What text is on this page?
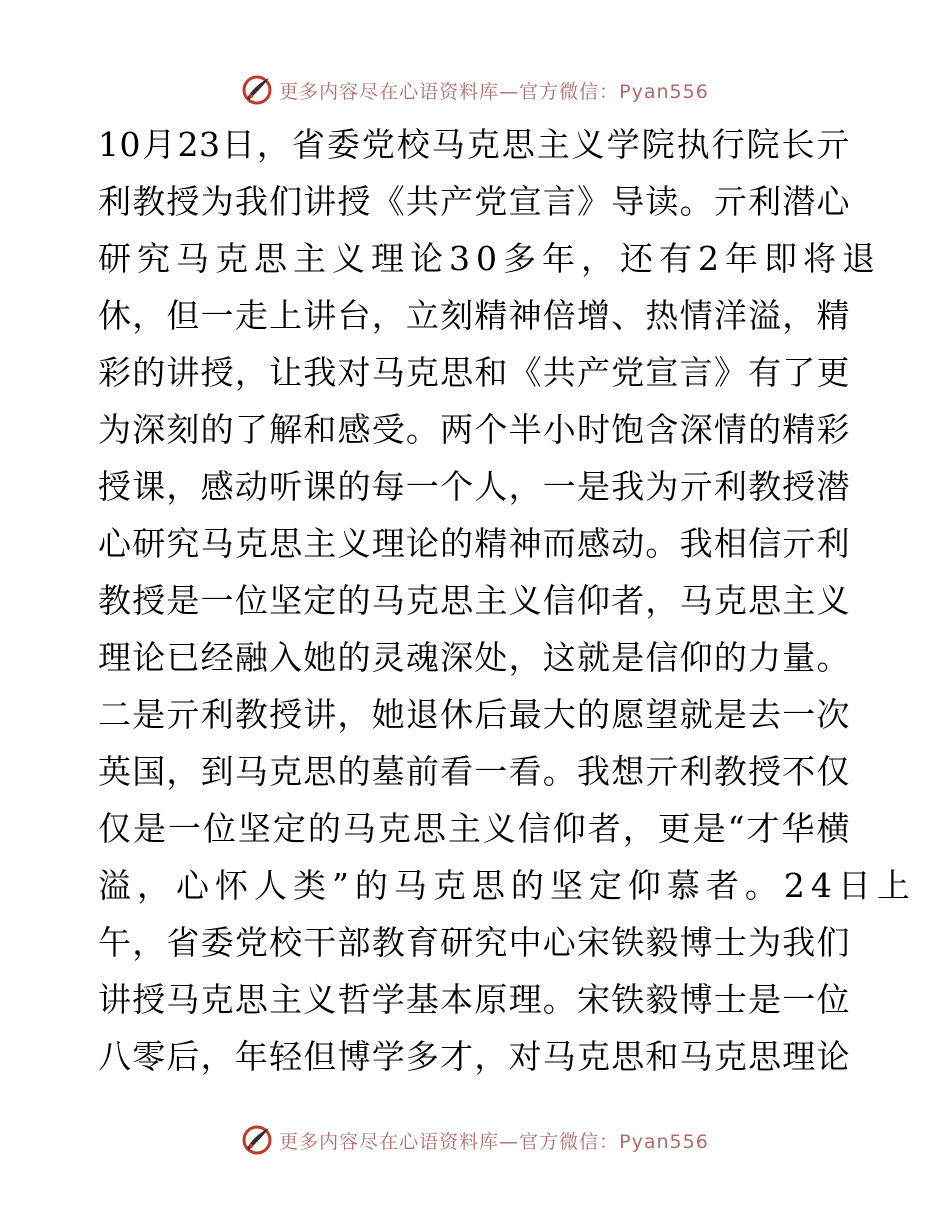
更多内容尽在心语资料库—官方微信：Pyan556
10月23日，省委党校马克思主义学院执行院长亓
利教授为我们讲授《共产党宣言》导读。亓利潜心
研究马克思主义理论30多年，还有2年即将退
休，但一走上讲台，立刻精神倍增、热情洋溢，精
彩的讲授，让我对马克思和《共产党宣言》有了更
为深刻的了解和感受。两个半小时饱含深情的精彩
授课，感动听课的每一个人，一是我为亓利教授潜
心研究马克思主义理论的精神而感动。我相信亓利
教授是一位坚定的马克思主义信仰者，马克思主义
理论已经融入她的灵魂深处，这就是信仰的力量。
二是亓利教授讲，她退休后最大的愿望就是去一次
英国，到马克思的墓前看一看。我想亓利教授不仅
仅是一位坚定的马克思主义信仰者，更是“才华横
溢，心怀人类”的马克思的坚定仰慕者。24日上
午，省委党校干部教育研究中心宋铁毅博士为我们
讲授马克思主义哲学基本原理。宋铁毅博士是一位
八零后，年轻但博学多才，对马克思和马克思理论
更多内容尽在心语资料库—官方微信：Pyan556
